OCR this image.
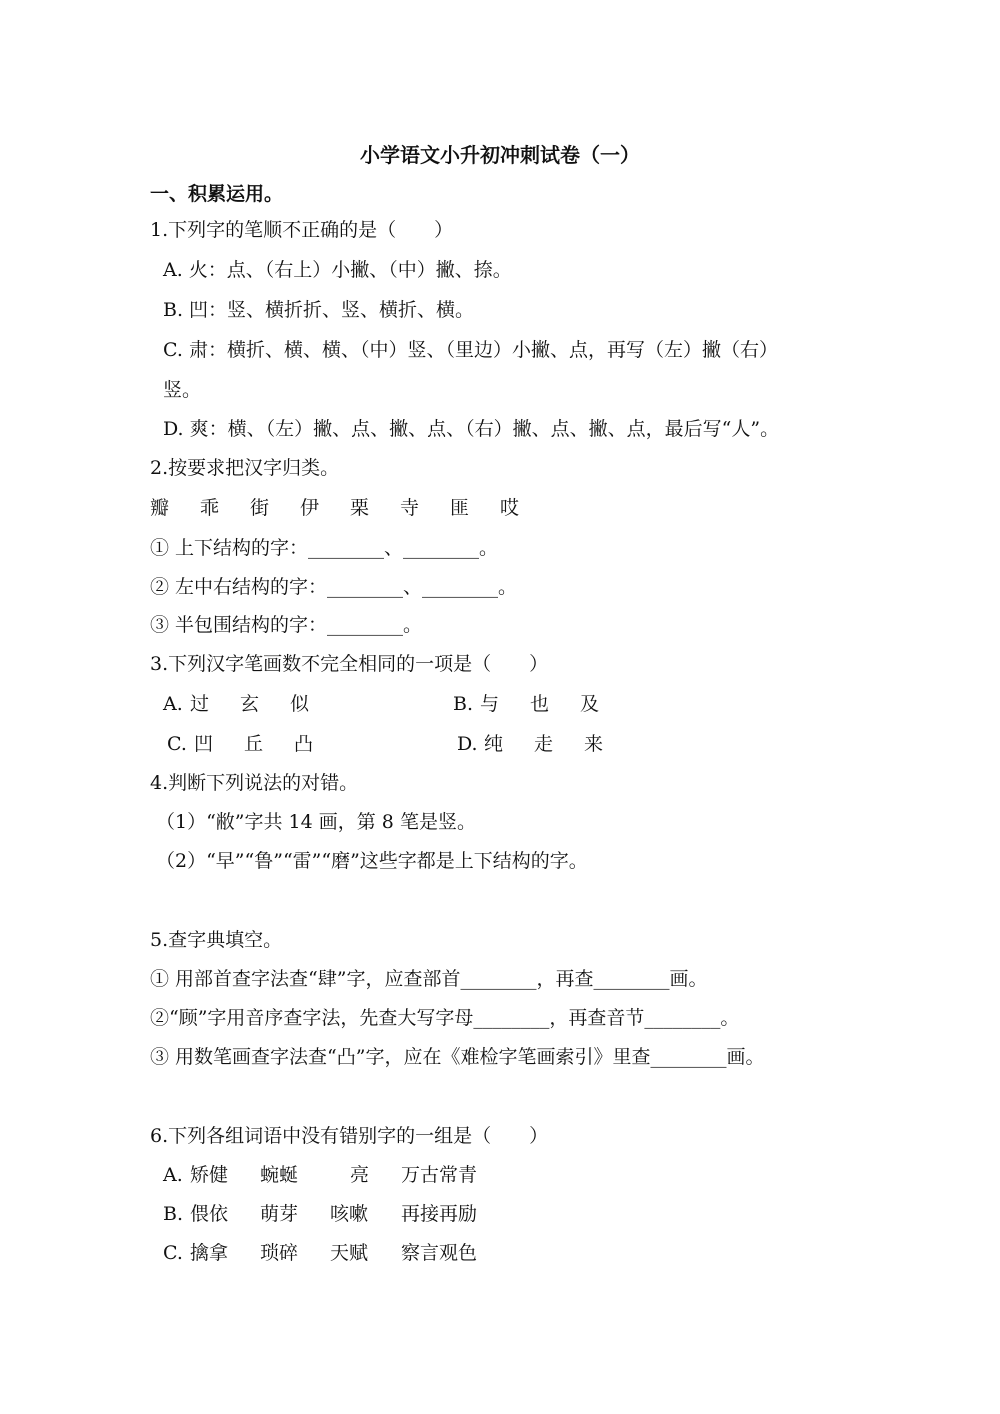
小学语文小升初冲刺试卷（一）
一、积累运用。
1.下列字的笔顺不正确的是（　　）
A. 火：点、（右上）小撇、（中）撇、捺。
B. 凹：竖、横折折、竖、横折、横。
C. 肃：横折、横、横、（中）竖、（里边）小撇、点，再写（左）撇（右）
竖。
D. 爽：横、（左）撇、点、撇、点、（右）撇、点、撇、点，最后写“人”。
2.按要求把汉字归类。
瓣 乖 街 伊 栗 寺 匪 哎
① 上下结构的字：________、________。
② 左中右结构的字：________、________。
③ 半包围结构的字：________。
3.下列汉字笔画数不完全相同的一项是（　　）
A. 过 玄 似	B. 与 也 及
C. 凹 丘 凸	D. 纯 走 来
4.判断下列说法的对错。
（1）“敝”字共 14 画，第 8 笔是竖。
（2）“早”“鲁”“雷”“磨”这些字都是上下结构的字。
5.查字典填空。
① 用部首查字法查“肆”字，应查部首________，再查________画。
②“顾”字用音序查字法，先查大写字母________，再查音节________。
③ 用数笔画查字法查“凸”字，应在《难检字笔画索引》里查________画。
6.下列各组词语中没有错别字的一组是（　　）
A. 矫健 蜿蜒	亮 万古常青
B. 偎依 萌芽 咳嗽 再接再励
C. 擒拿 琐碎 天赋 察言观色
